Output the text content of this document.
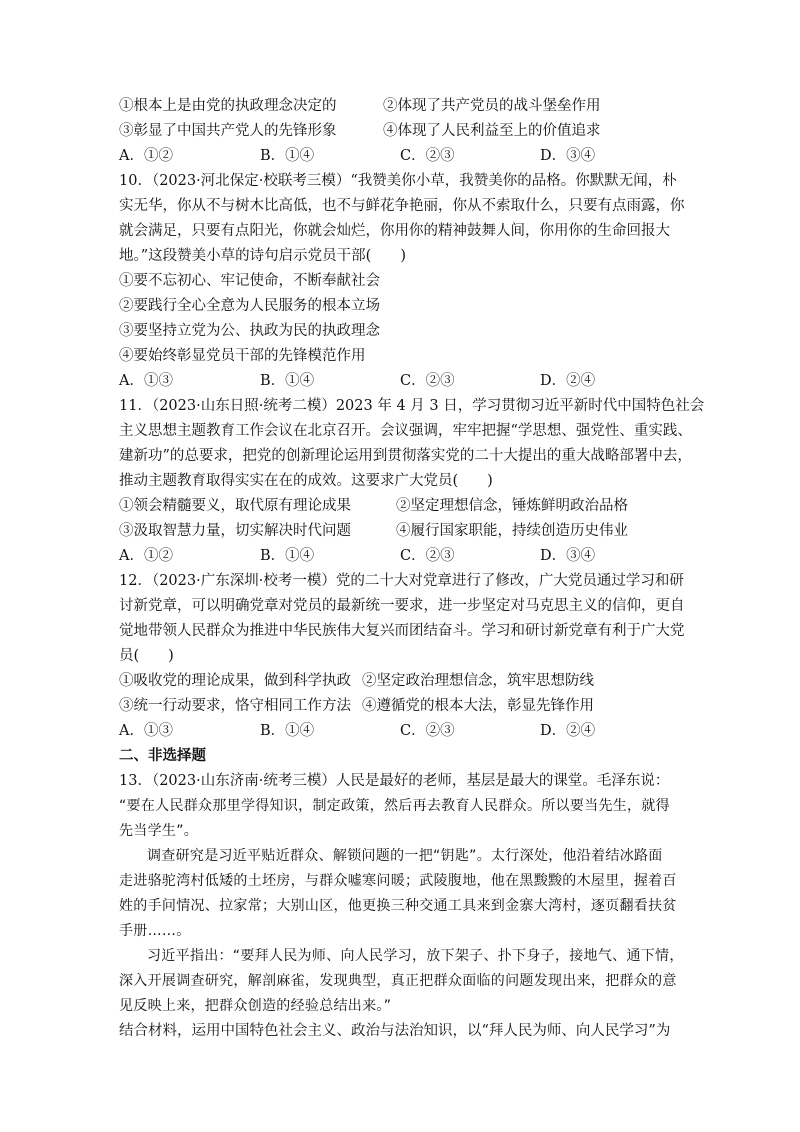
①根本上是由党的执政理念决定的	②体现了共产党员的战斗堡垒作用
③彰显了中国共产党人的先锋形象	④体现了人民利益至上的价值追求
A．①②	B．①④	C．②③	D．③④
10．（2023·河北保定·校联考三模）“我赞美你小草，我赞美你的品格。你默默无闻，朴
实无华，你从不与树木比高低，也不与鲜花争艳丽，你从不索取什么，只要有点雨露，你
就会满足，只要有点阳光，你就会灿烂，你用你的精神鼓舞人间，你用你的生命回报大
地。”这段赞美小草的诗句启示党员干部(　　)
①要不忘初心、牢记使命，不断奉献社会
②要践行全心全意为人民服务的根本立场
③要坚持立党为公、执政为民的执政理念
④要始终彰显党员干部的先锋模范作用
A．①③	B．①④	C．②③	D．②④
11．（2023·山东日照·统考二模）2023 年 4 月 3 日，学习贯彻习近平新时代中国特色社会
主义思想主题教育工作会议在北京召开。会议强调，牢牢把握“学思想、强党性、重实践、
建新功”的总要求，把党的创新理论运用到贯彻落实党的二十大提出的重大战略部署中去，
推动主题教育取得实实在在的成效。这要求广大党员(　　)
①领会精髓要义，取代原有理论成果	②坚定理想信念，锤炼鲜明政治品格
③汲取智慧力量，切实解决时代问题	④履行国家职能，持续创造历史伟业
A．①②	B．①④	C．②③	D．③④
12．（2023·广东深圳·校考一模）党的二十大对党章进行了修改，广大党员通过学习和研
讨新党章，可以明确党章对党员的最新统一要求，进一步坚定对马克思主义的信仰，更自
觉地带领人民群众为推进中华民族伟大复兴而团结奋斗。学习和研讨新党章有利于广大党
员(　　)
①吸收党的理论成果，做到科学执政 ②坚定政治理想信念，筑牢思想防线
③统一行动要求，恪守相同工作方法 ④遵循党的根本大法，彰显先锋作用
A．①③	B．①④	C．②③	D．②④
二、非选择题
13．（2023·山东济南·统考三模）人民是最好的老师，基层是最大的课堂。毛泽东说：
“要在人民群众那里学得知识，制定政策，然后再去教育人民群众。所以要当先生，就得
先当学生”。
调查研究是习近平贴近群众、解锁问题的一把“钥匙”。太行深处，他沿着结冰路面
走进骆驼湾村低矮的土坯房，与群众嘘寒问暖；武陵腹地，他在黑黢黢的木屋里，握着百
姓的手问情况、拉家常；大别山区，他更换三种交通工具来到金寨大湾村，逐页翻看扶贫
手册……。
习近平指出：“要拜人民为师、向人民学习，放下架子、扑下身子，接地气、通下情，
深入开展调查研究，解剖麻雀，发现典型，真正把群众面临的问题发现出来，把群众的意
见反映上来，把群众创造的经验总结出来。”
结合材料，运用中国特色社会主义、政治与法治知识，以“拜人民为师、向人民学习”为
